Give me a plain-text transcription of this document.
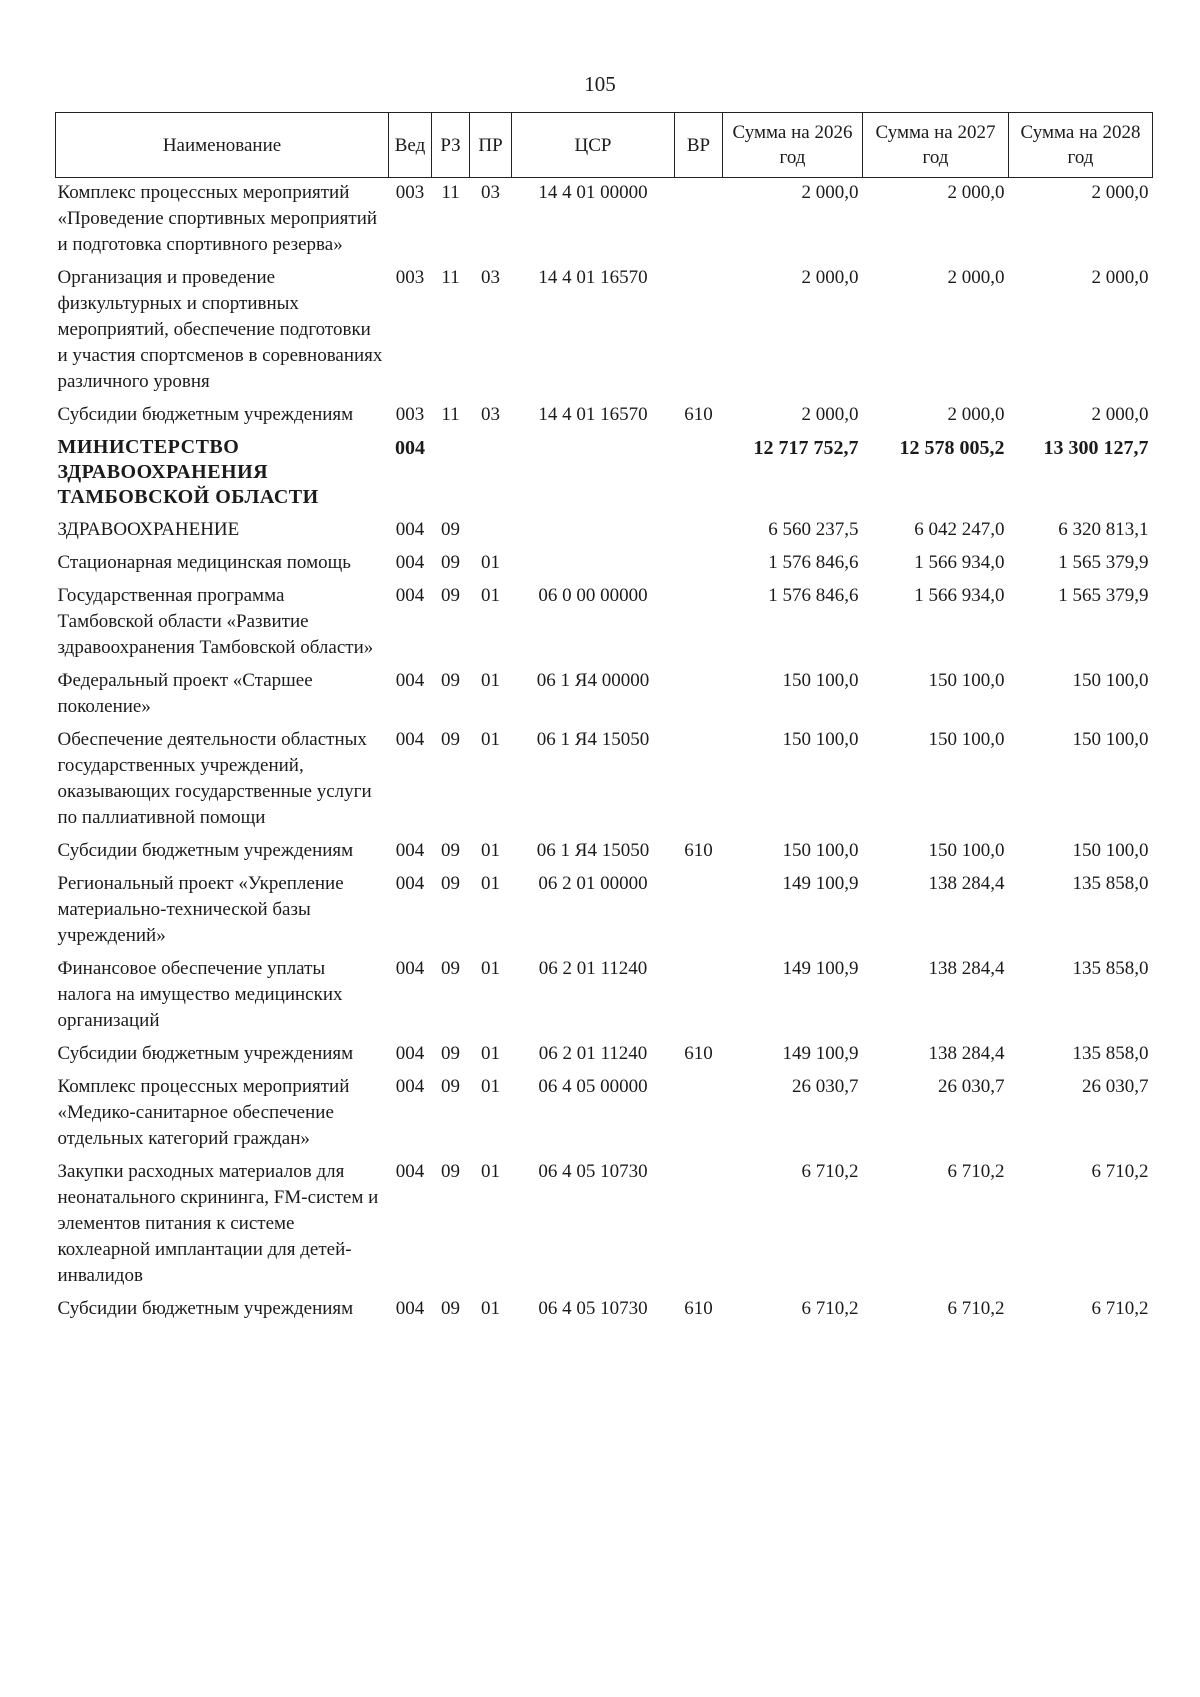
105
Наименование	Вед	РЗ	ПР	ЦСР	ВР	Сумма на 2026 год	Сумма на 2027 год	Сумма на 2028 год
Комплекс процессных мероприятий «Проведение спортивных мероприятий и подготовка спортивного резерва»	003	11	03	14 4 01 00000		2 000,0	2 000,0	2 000,0
Организация и проведение физкультурных и спортивных мероприятий, обеспечение подготовки и участия спортсменов в соревнованиях различного уровня	003	11	03	14 4 01 16570		2 000,0	2 000,0	2 000,0
Субсидии бюджетным учреждениям	003	11	03	14 4 01 16570	610	2 000,0	2 000,0	2 000,0
МИНИСТЕРСТВО ЗДРАВООХРАНЕНИЯ ТАМБОВСКОЙ ОБЛАСТИ	004					12 717 752,7	12 578 005,2	13 300 127,7
ЗДРАВООХРАНЕНИЕ	004	09				6 560 237,5	6 042 247,0	6 320 813,1
Стационарная медицинская помощь	004	09	01			1 576 846,6	1 566 934,0	1 565 379,9
Государственная программа Тамбовской области «Развитие здравоохранения Тамбовской области»	004	09	01	06 0 00 00000		1 576 846,6	1 566 934,0	1 565 379,9
Федеральный проект «Старшее поколение»	004	09	01	06 1 Я4 00000		150 100,0	150 100,0	150 100,0
Обеспечение деятельности областных государственных учреждений, оказывающих государственные услуги по паллиативной помощи	004	09	01	06 1 Я4 15050		150 100,0	150 100,0	150 100,0
Субсидии бюджетным учреждениям	004	09	01	06 1 Я4 15050	610	150 100,0	150 100,0	150 100,0
Региональный проект «Укрепление материально-технической базы учреждений»	004	09	01	06 2 01 00000		149 100,9	138 284,4	135 858,0
Финансовое обеспечение уплаты налога на имущество медицинских организаций	004	09	01	06 2 01 11240		149 100,9	138 284,4	135 858,0
Субсидии бюджетным учреждениям	004	09	01	06 2 01 11240	610	149 100,9	138 284,4	135 858,0
Комплекс процессных мероприятий «Медико-санитарное обеспечение отдельных категорий граждан»	004	09	01	06 4 05 00000		26 030,7	26 030,7	26 030,7
Закупки расходных материалов для неонатального скрининга, FM-систем и элементов питания к системе кохлеарной имплантации для детей-инвалидов	004	09	01	06 4 05 10730		6 710,2	6 710,2	6 710,2
Субсидии бюджетным учреждениям	004	09	01	06 4 05 10730	610	6 710,2	6 710,2	6 710,2
